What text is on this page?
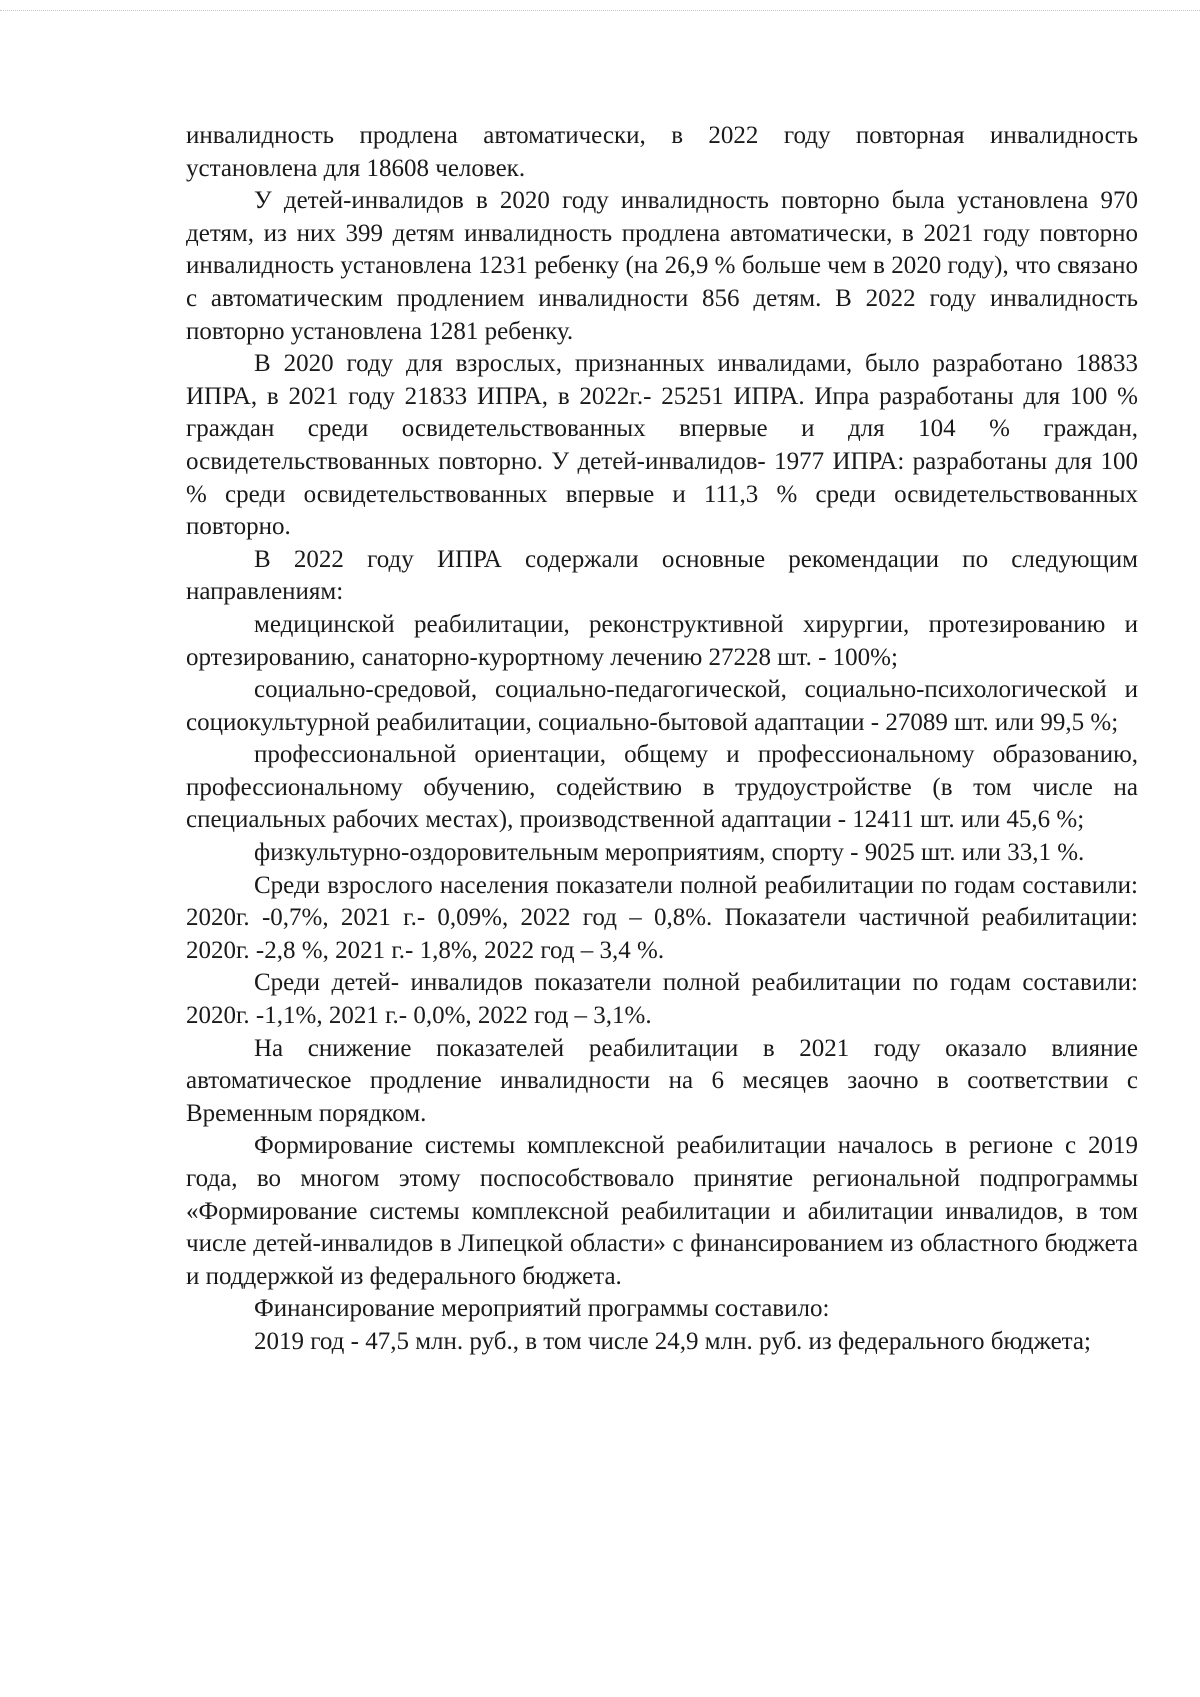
инвалидность продлена автоматически, в 2022 году повторная инвалидность установлена для 18608 человек.

У детей-инвалидов в 2020 году инвалидность повторно была установлена 970 детям, из них 399 детям инвалидность продлена автоматически, в 2021 году повторно инвалидность установлена 1231 ребенку (на 26,9 % больше чем в 2020 году), что связано с автоматическим продлением инвалидности 856 детям. В 2022 году инвалидность повторно установлена 1281 ребенку.

В 2020 году для взрослых, признанных инвалидами, было разработано 18833 ИПРА, в 2021 году 21833 ИПРА, в 2022г.- 25251 ИПРА. Ипра разработаны для 100 % граждан среди освидетельствованных впервые и для 104 % граждан, освидетельствованных повторно. У детей-инвалидов- 1977 ИПРА: разработаны для 100 % среди освидетельствованных впервые и 111,3 % среди освидетельствованных повторно.

В 2022 году ИПРА содержали основные рекомендации по следующим направлениям:

медицинской реабилитации, реконструктивной хирургии, протезированию и ортезированию, санаторно-курортному лечению 27228 шт. - 100%;

социально-средовой, социально-педагогической, социально-психологической и социокультурной реабилитации, социально-бытовой адаптации - 27089 шт. или 99,5 %;

профессиональной ориентации, общему и профессиональному образованию, профессиональному обучению, содействию в трудоустройстве (в том числе на специальных рабочих местах), производственной адаптации - 12411 шт. или 45,6 %;

физкультурно-оздоровительным мероприятиям, спорту - 9025 шт. или 33,1 %.

Среди взрослого населения показатели полной реабилитации по годам составили: 2020г. -0,7%, 2021 г.- 0,09%, 2022 год – 0,8%. Показатели частичной реабилитации: 2020г. -2,8 %, 2021 г.- 1,8%, 2022 год – 3,4 %.

Среди детей- инвалидов показатели полной реабилитации по годам составили: 2020г. -1,1%, 2021 г.- 0,0%, 2022 год – 3,1%.

На снижение показателей реабилитации в 2021 году оказало влияние автоматическое продление инвалидности на 6 месяцев заочно в соответствии с Временным порядком.

Формирование системы комплексной реабилитации началось в регионе с 2019 года, во многом этому поспособствовало принятие региональной подпрограммы «Формирование системы комплексной реабилитации и абилитации инвалидов, в том числе детей-инвалидов в Липецкой области» с финансированием из областного бюджета и поддержкой из федерального бюджета.

Финансирование мероприятий программы составило:

2019 год - 47,5 млн. руб., в том числе 24,9 млн. руб. из федерального бюджета;
